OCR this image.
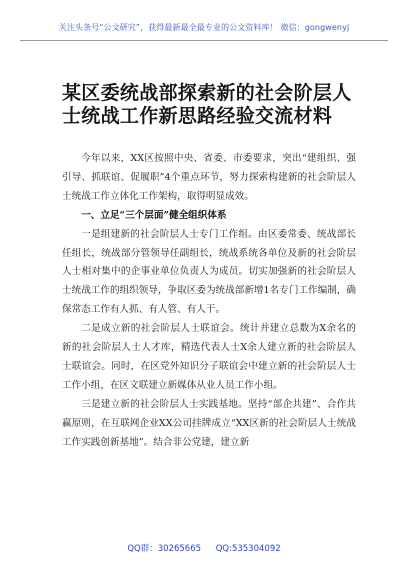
关注头条号“公文研究”，获得最新最全最专业的公文资料库！ 微信：gongwenyj
某区委统战部探索新的社会阶层人士统战工作新思路经验交流材料

今年以来，XX区按照中央、省委、市委要求，突出“建组织、强引导、抓联谊、促履职”4个重点环节，努力探索构建新的社会阶层人士统战工作立体化工作架构，取得明显成效。

一、立足“三个层面”健全组织体系

一是组建新的社会阶层人士专门工作组。由区委常委、统战部长任组长，统战部分管领导任副组长，统战系统各单位及新的社会阶层人士相对集中的企事业单位负责人为成员。切实加强新的社会阶层人士统战工作的组织领导，争取区委为统战部新增1名专门工作编制，确保常态工作有人抓、有人管、有人干。

二是成立新的社会阶层人士联谊会。统计并建立总数为X余名的新的社会阶层人士人才库，精选代表人士X余人建立新的社会阶层人士联谊会。同时，在区党外知识分子联谊会中建立新的社会阶层人士工作小组，在区文联建立新媒体从业人员工作小组。

三是建立新的社会阶层人士实践基地。坚持“部企共建”、合作共赢原则，在互联网企业XX公司挂牌成立“XX区新的社会阶层人士统战工作实践创新基地”。结合非公党建，建立新

QQ群：30265665 QQ:535304092
